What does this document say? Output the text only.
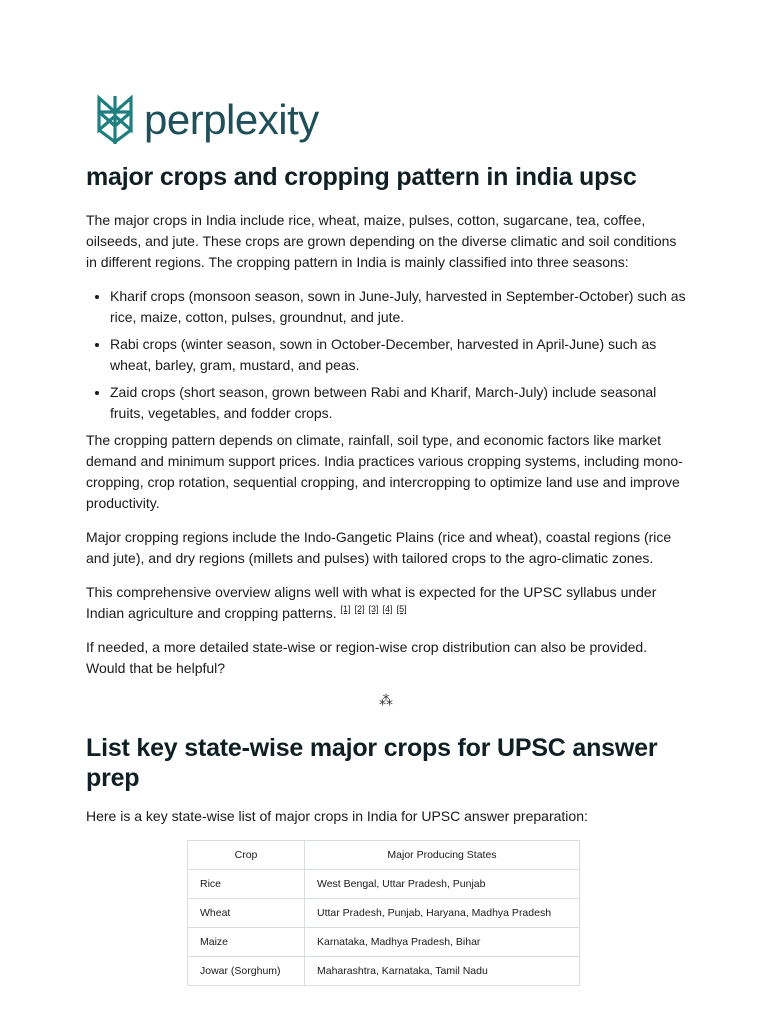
perplexity
major crops and cropping pattern in india upsc

The major crops in India include rice, wheat, maize, pulses, cotton, sugarcane, tea, coffee, oilseeds, and jute. These crops are grown depending on the diverse climatic and soil conditions in different regions. The cropping pattern in India is mainly classified into three seasons:

• Kharif crops (monsoon season, sown in June-July, harvested in September-October) such as rice, maize, cotton, pulses, groundnut, and jute.
• Rabi crops (winter season, sown in October-December, harvested in April-June) such as wheat, barley, gram, mustard, and peas.
• Zaid crops (short season, grown between Rabi and Kharif, March-July) include seasonal fruits, vegetables, and fodder crops.

The cropping pattern depends on climate, rainfall, soil type, and economic factors like market demand and minimum support prices. India practices various cropping systems, including mono-cropping, crop rotation, sequential cropping, and intercropping to optimize land use and improve productivity.

Major cropping regions include the Indo-Gangetic Plains (rice and wheat), coastal regions (rice and jute), and dry regions (millets and pulses) with tailored crops to the agro-climatic zones.

This comprehensive overview aligns well with what is expected for the UPSC syllabus under Indian agriculture and cropping patterns. [1] [2] [3] [4] [5]

If needed, a more detailed state-wise or region-wise crop distribution can also be provided. Would that be helpful?

⁂
List key state-wise major crops for UPSC answer prep

Here is a key state-wise list of major crops in India for UPSC answer preparation:

Crop	Major Producing States
Rice	West Bengal, Uttar Pradesh, Punjab
Wheat	Uttar Pradesh, Punjab, Haryana, Madhya Pradesh
Maize	Karnataka, Madhya Pradesh, Bihar
Jowar (Sorghum)	Maharashtra, Karnataka, Tamil Nadu
